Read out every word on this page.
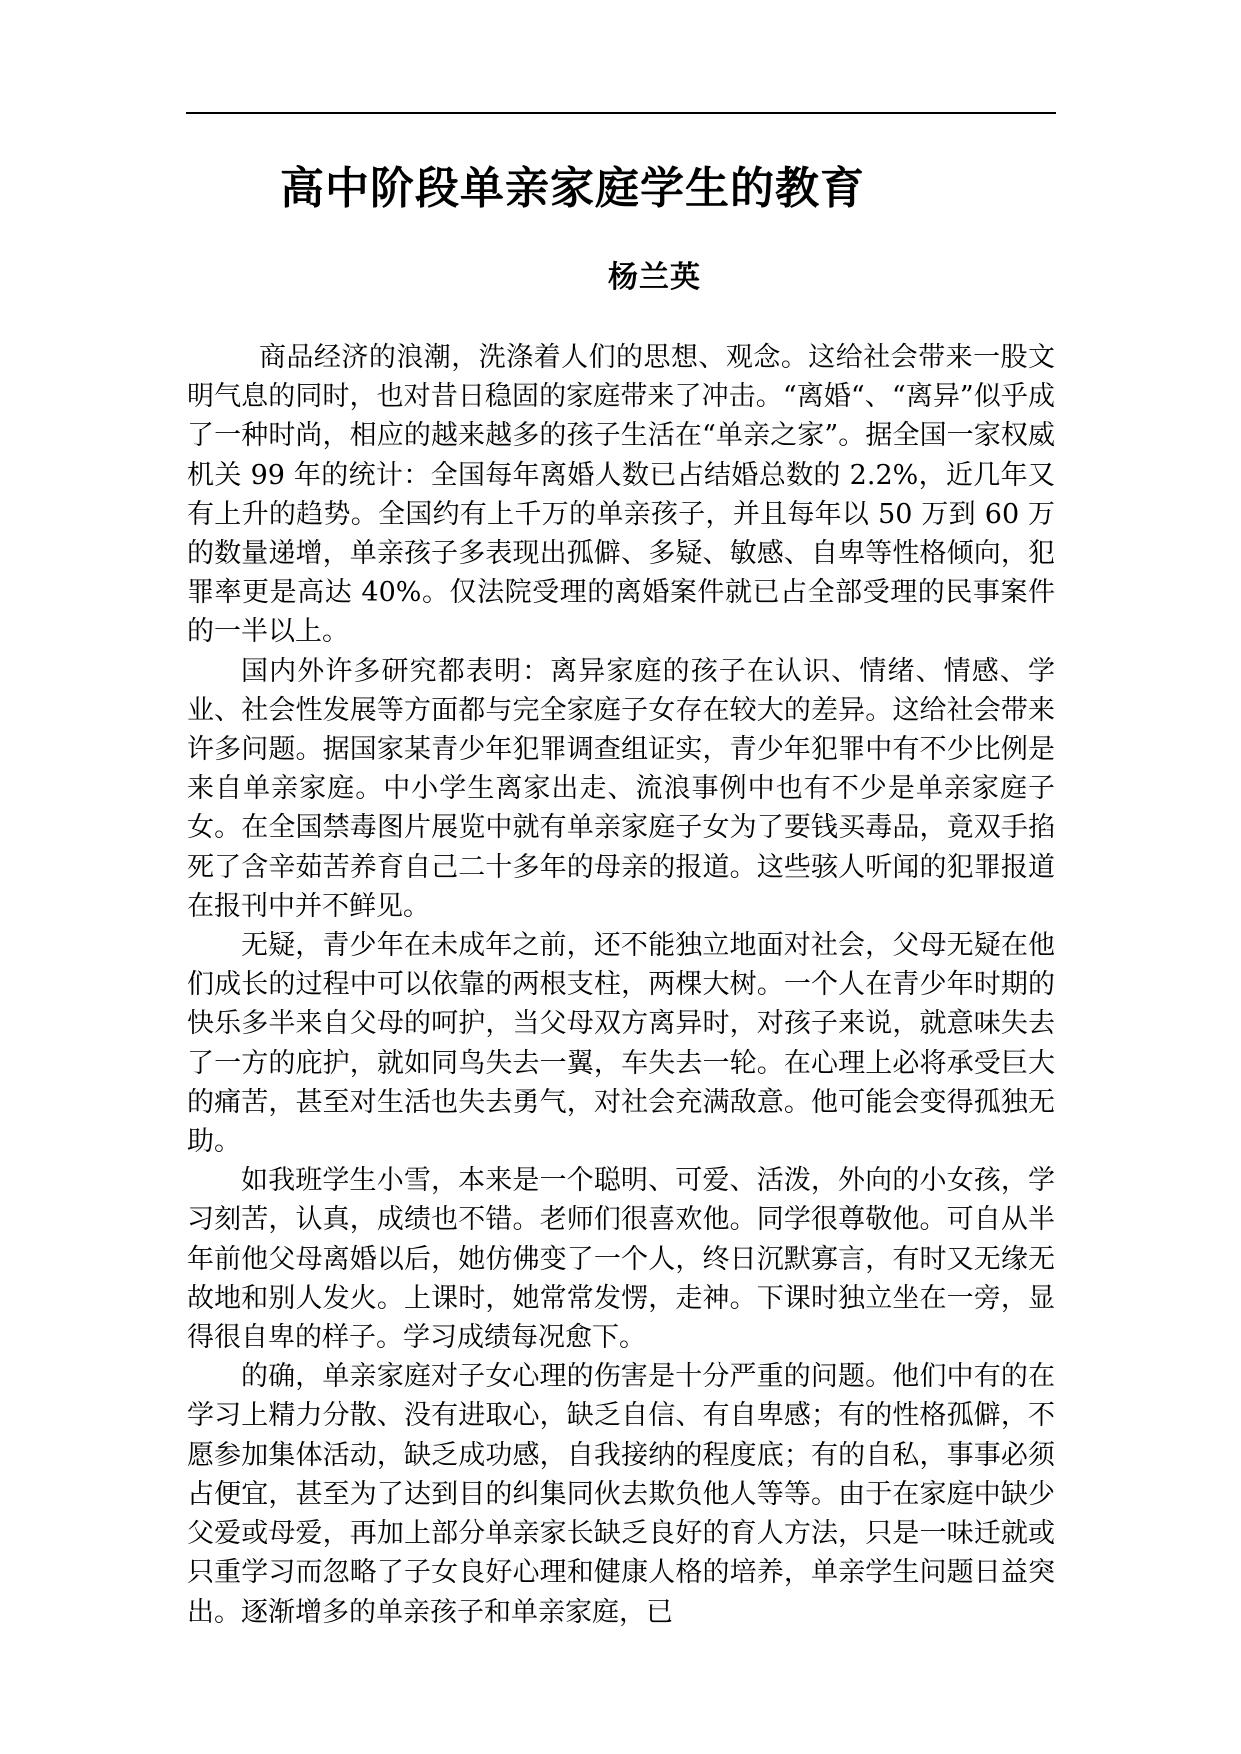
高中阶段单亲家庭学生的教育
杨兰英

商品经济的浪潮，洗涤着人们的思想、观念。这给社会带来一股文明气息的同时，也对昔日稳固的家庭带来了冲击。“离婚“、“离异”似乎成了一种时尚，相应的越来越多的孩子生活在“单亲之家”。据全国一家权威机关 99 年的统计：全国每年离婚人数已占结婚总数的 2.2%，近几年又有上升的趋势。全国约有上千万的单亲孩子，并且每年以 50 万到 60 万的数量递增，单亲孩子多表现出孤僻、多疑、敏感、自卑等性格倾向，犯罪率更是高达 40%。仅法院受理的离婚案件就已占全部受理的民事案件的一半以上。

国内外许多研究都表明：离异家庭的孩子在认识、情绪、情感、学业、社会性发展等方面都与完全家庭子女存在较大的差异。这给社会带来许多问题。据国家某青少年犯罪调查组证实，青少年犯罪中有不少比例是来自单亲家庭。中小学生离家出走、流浪事例中也有不少是单亲家庭子女。在全国禁毒图片展览中就有单亲家庭子女为了要钱买毒品，竟双手掐死了含辛茹苦养育自己二十多年的母亲的报道。这些骇人听闻的犯罪报道在报刊中并不鲜见。

无疑，青少年在未成年之前，还不能独立地面对社会，父母无疑在他们成长的过程中可以依靠的两根支柱，两棵大树。一个人在青少年时期的快乐多半来自父母的呵护，当父母双方离异时，对孩子来说，就意味失去了一方的庇护，就如同鸟失去一翼，车失去一轮。在心理上必将承受巨大的痛苦，甚至对生活也失去勇气，对社会充满敌意。他可能会变得孤独无助。

如我班学生小雪，本来是一个聪明、可爱、活泼，外向的小女孩，学习刻苦，认真，成绩也不错。老师们很喜欢他。同学很尊敬他。可自从半年前他父母离婚以后，她仿佛变了一个人，终日沉默寡言，有时又无缘无故地和别人发火。上课时，她常常发愣，走神。下课时独立坐在一旁，显得很自卑的样子。学习成绩每况愈下。

的确，单亲家庭对子女心理的伤害是十分严重的问题。他们中有的在学习上精力分散、没有进取心，缺乏自信、有自卑感；有的性格孤僻，不愿参加集体活动，缺乏成功感，自我接纳的程度底；有的自私，事事必须占便宜，甚至为了达到目的纠集同伙去欺负他人等等。由于在家庭中缺少父爱或母爱，再加上部分单亲家长缺乏良好的育人方法，只是一味迁就或只重学习而忽略了子女良好心理和健康人格的培养，单亲学生问题日益突出。逐渐增多的单亲孩子和单亲家庭，已
